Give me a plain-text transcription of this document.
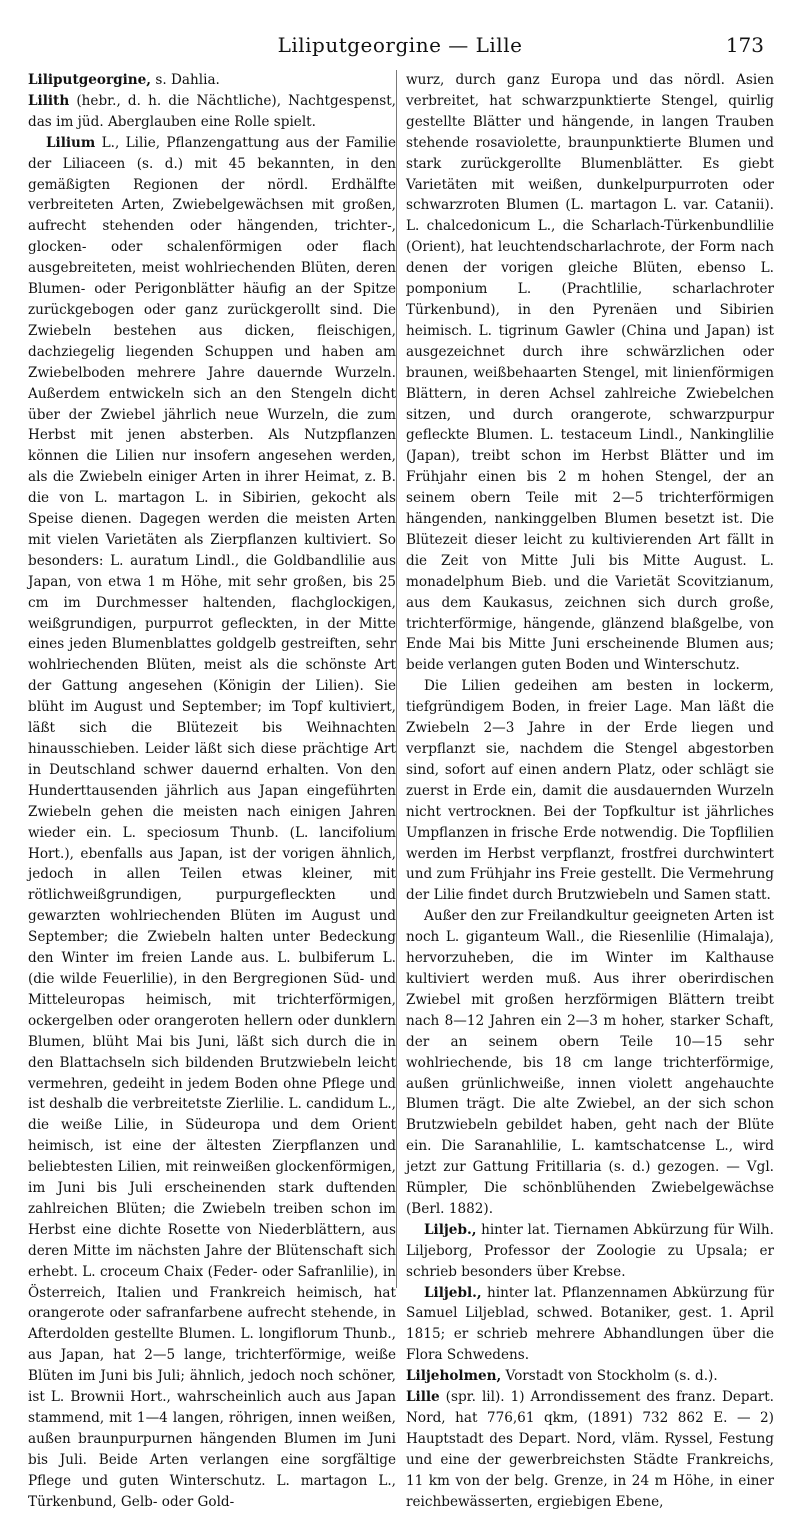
Liliputgeorgine — Lille	173

Liliputgeorgine, s. Dahlia.

Lilith (hebr., d. h. die Nächtliche), Nachtgespenst, das im jüd. Aberglauben eine Rolle spielt.

Lilium L., Lilie, Pflanzengattung aus der Familie der Liliaceen (s. d.) mit 45 bekannten, in den gemäßigten Regionen der nördl. Erdhälfte verbreiteten Arten, Zwiebelgewächsen mit großen, aufrecht stehenden oder hängenden, trichter-, glocken- oder schalenförmigen oder flach ausgebreiteten, meist wohlriechenden Blüten, deren Blumen- oder Perigonblätter häufig an der Spitze zurückgebogen oder ganz zurückgerollt sind. Die Zwiebeln bestehen aus dicken, fleischigen, dachziegelig liegenden Schuppen und haben am Zwiebelboden mehrere Jahre dauernde Wurzeln. Außerdem entwickeln sich an den Stengeln dicht über der Zwiebel jährlich neue Wurzeln, die zum Herbst mit jenen absterben. Als Nutzpflanzen können die Lilien nur insofern angesehen werden, als die Zwiebeln einiger Arten in ihrer Heimat, z. B. die von L. martagon L. in Sibirien, gekocht als Speise dienen. Dagegen werden die meisten Arten mit vielen Varietäten als Zierpflanzen kultiviert. So besonders: L. auratum Lindl., die Goldbandlilie aus Japan, von etwa 1 m Höhe, mit sehr großen, bis 25 cm im Durchmesser haltenden, flachglockigen, weißgrundigen, purpurrot gefleckten, in der Mitte eines jeden Blumenblattes goldgelb gestreiften, sehr wohlriechenden Blüten, meist als die schönste Art der Gattung angesehen (Königin der Lilien). Sie blüht im August und September; im Topf kultiviert, läßt sich die Blütezeit bis Weihnachten hinausschieben. Leider läßt sich diese prächtige Art in Deutschland schwer dauernd erhalten. Von den Hunderttausenden jährlich aus Japan eingeführten Zwiebeln gehen die meisten nach einigen Jahren wieder ein. L. speciosum Thunb. (L. lancifolium Hort.), ebenfalls aus Japan, ist der vorigen ähnlich, jedoch in allen Teilen etwas kleiner, mit rötlichweißgrundigen, purpurgefleckten und gewarzten wohlriechenden Blüten im August und September; die Zwiebeln halten unter Bedeckung den Winter im freien Lande aus. L. bulbiferum L. (die wilde Feuerlilie), in den Bergregionen Süd- und Mitteleuropas heimisch, mit trichterförmigen, ockergelben oder orangeroten hellern oder dunklern Blumen, blüht Mai bis Juni, läßt sich durch die in den Blattachseln sich bildenden Brutzwiebeln leicht vermehren, gedeiht in jedem Boden ohne Pflege und ist deshalb die verbreitetste Zierlilie. L. candidum L., die weiße Lilie, in Südeuropa und dem Orient heimisch, ist eine der ältesten Zierpflanzen und beliebtesten Lilien, mit reinweißen glockenförmigen, im Juni bis Juli erscheinenden stark duftenden zahlreichen Blüten; die Zwiebeln treiben schon im Herbst eine dichte Rosette von Niederblättern, aus deren Mitte im nächsten Jahre der Blütenschaft sich erhebt. L. croceum Chaix (Feder- oder Safranlilie), in Österreich, Italien und Frankreich heimisch, hat orangerote oder safranfarbene aufrecht stehende, in Afterdolden gestellte Blumen. L. longiflorum Thunb., aus Japan, hat 2—5 lange, trichterförmige, weiße Blüten im Juni bis Juli; ähnlich, jedoch noch schöner, ist L. Brownii Hort., wahrscheinlich auch aus Japan stammend, mit 1—4 langen, röhrigen, innen weißen, außen braunpurpurnen hängenden Blumen im Juni bis Juli. Beide Arten verlangen eine sorgfältige Pflege und guten Winterschutz. L. martagon L., Türkenbund, Gelb- oder Gold-

wurz, durch ganz Europa und das nördl. Asien verbreitet, hat schwarzpunktierte Stengel, quirlig gestellte Blätter und hängende, in langen Trauben stehende rosaviolette, braunpunktierte Blumen und stark zurückgerollte Blumenblätter. Es giebt Varietäten mit weißen, dunkelpurpurroten oder schwarzroten Blumen (L. martagon L. var. Catanii). L. chalcedonicum L., die Scharlach-Türkenbundlilie (Orient), hat leuchtendscharlachrote, der Form nach denen der vorigen gleiche Blüten, ebenso L. pomponium L. (Prachtlilie, scharlachroter Türkenbund), in den Pyrenäen und Sibirien heimisch. L. tigrinum Gawler (China und Japan) ist ausgezeichnet durch ihre schwärzlichen oder braunen, weißbehaarten Stengel, mit linienförmigen Blättern, in deren Achsel zahlreiche Zwiebelchen sitzen, und durch orangerote, schwarzpurpur gefleckte Blumen. L. testaceum Lindl., Nankinglilie (Japan), treibt schon im Herbst Blätter und im Frühjahr einen bis 2 m hohen Stengel, der an seinem obern Teile mit 2—5 trichterförmigen hängenden, nankinggelben Blumen besetzt ist. Die Blütezeit dieser leicht zu kultivierenden Art fällt in die Zeit von Mitte Juli bis Mitte August. L. monadelphum Bieb. und die Varietät Scovitzianum, aus dem Kaukasus, zeichnen sich durch große, trichterförmige, hängende, glänzend blaßgelbe, von Ende Mai bis Mitte Juni erscheinende Blumen aus; beide verlangen guten Boden und Winterschutz.

Die Lilien gedeihen am besten in lockerm, tiefgründigem Boden, in freier Lage. Man läßt die Zwiebeln 2—3 Jahre in der Erde liegen und verpflanzt sie, nachdem die Stengel abgestorben sind, sofort auf einen andern Platz, oder schlägt sie zuerst in Erde ein, damit die ausdauernden Wurzeln nicht vertrocknen. Bei der Topfkultur ist jährliches Umpflanzen in frische Erde notwendig. Die Topflilien werden im Herbst verpflanzt, frostfrei durchwintert und zum Frühjahr ins Freie gestellt. Die Vermehrung der Lilie findet durch Brutzwiebeln und Samen statt.

Außer den zur Freilandkultur geeigneten Arten ist noch L. giganteum Wall., die Riesenlilie (Himalaja), hervorzuheben, die im Winter im Kalthause kultiviert werden muß. Aus ihrer oberirdischen Zwiebel mit großen herzförmigen Blättern treibt nach 8—12 Jahren ein 2—3 m hoher, starker Schaft, der an seinem obern Teile 10—15 sehr wohlriechende, bis 18 cm lange trichterförmige, außen grünlichweiße, innen violett angehauchte Blumen trägt. Die alte Zwiebel, an der sich schon Brutzwiebeln gebildet haben, geht nach der Blüte ein. Die Saranahlilie, L. kamtschatcense L., wird jetzt zur Gattung Fritillaria (s. d.) gezogen. — Vgl. Rümpler, Die schönblühenden Zwiebelgewächse (Berl. 1882).

Liljeb., hinter lat. Tiernamen Abkürzung für Wilh. Liljeborg, Professor der Zoologie zu Upsala; er schrieb besonders über Krebse.

Liljebl., hinter lat. Pflanzennamen Abkürzung für Samuel Liljeblad, schwed. Botaniker, gest. 1. April 1815; er schrieb mehrere Abhandlungen über die Flora Schwedens.

Liljeholmen, Vorstadt von Stockholm (s. d.).

Lille (spr. lil). 1) Arrondissement des franz. Depart. Nord, hat 776,61 qkm, (1891) 732 862 E. — 2) Hauptstadt des Depart. Nord, vläm. Ryssel, Festung und eine der gewerbreichsten Städte Frankreichs, 11 km von der belg. Grenze, in 24 m Höhe, in einer reichbewässerten, ergiebigen Ebene,
